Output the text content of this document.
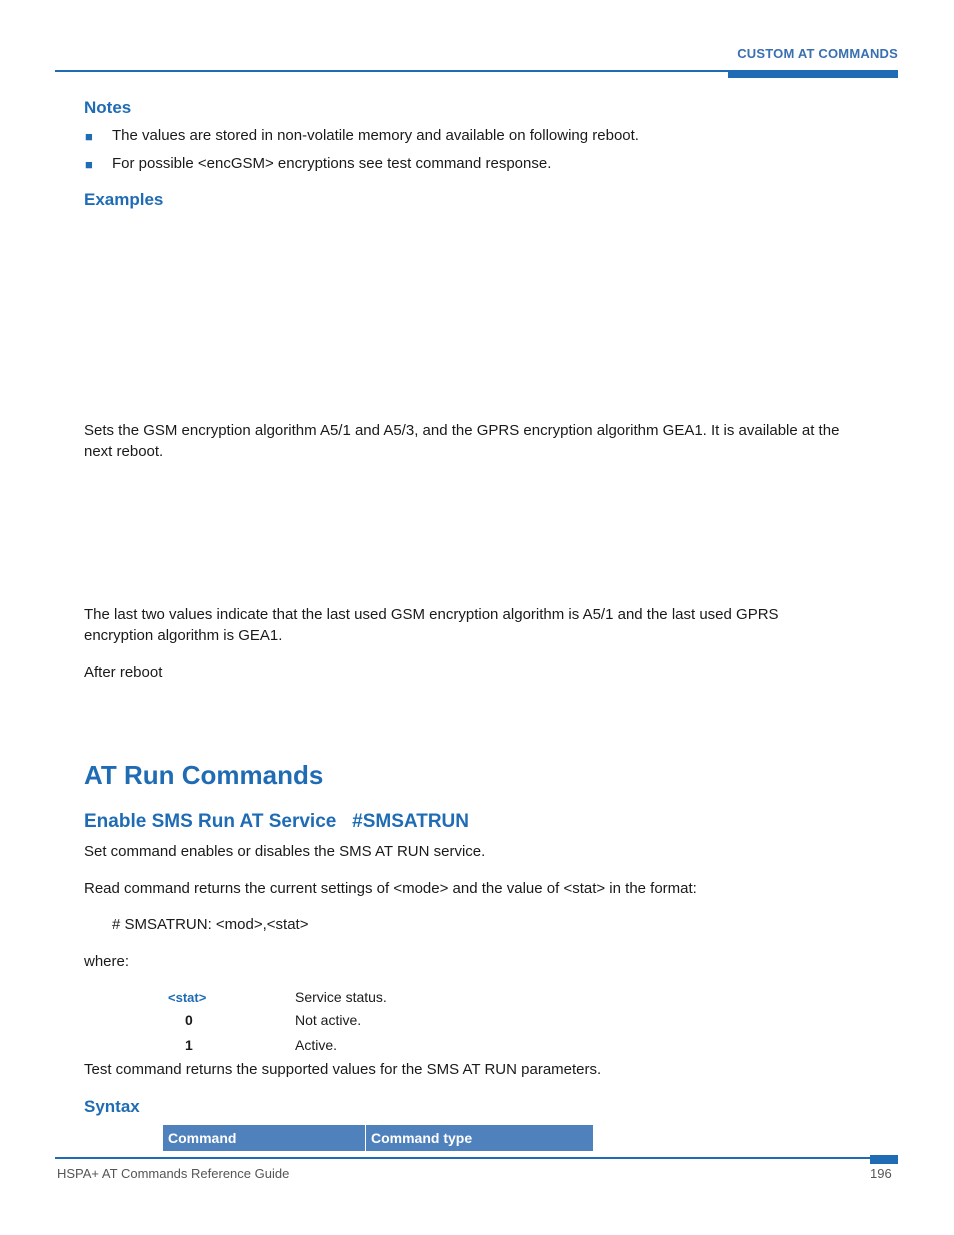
CUSTOM AT COMMANDS
Notes
■ The values are stored in non-volatile memory and available on following reboot.
■ For possible <encGSM> encryptions see test command response.
Examples
Sets the GSM encryption algorithm A5/1 and A5/3, and the GPRS encryption algorithm GEA1. It is available at the
next reboot.
The last two values indicate that the last used GSM encryption algorithm is A5/1 and the last used GPRS
encryption algorithm is GEA1.
After reboot
AT Run Commands
Enable SMS Run AT Service   #SMSATRUN
Set command enables or disables the SMS AT RUN service.
Read command returns the current settings of <mode> and the value of <stat> in the format:
# SMSATRUN: <mod>,<stat>
where:
<stat>	Service status.
0	Not active.
1	Active.
Test command returns the supported values for the SMS AT RUN parameters.
Syntax
Command	Command type
HSPA+ AT Commands Reference Guide	196
